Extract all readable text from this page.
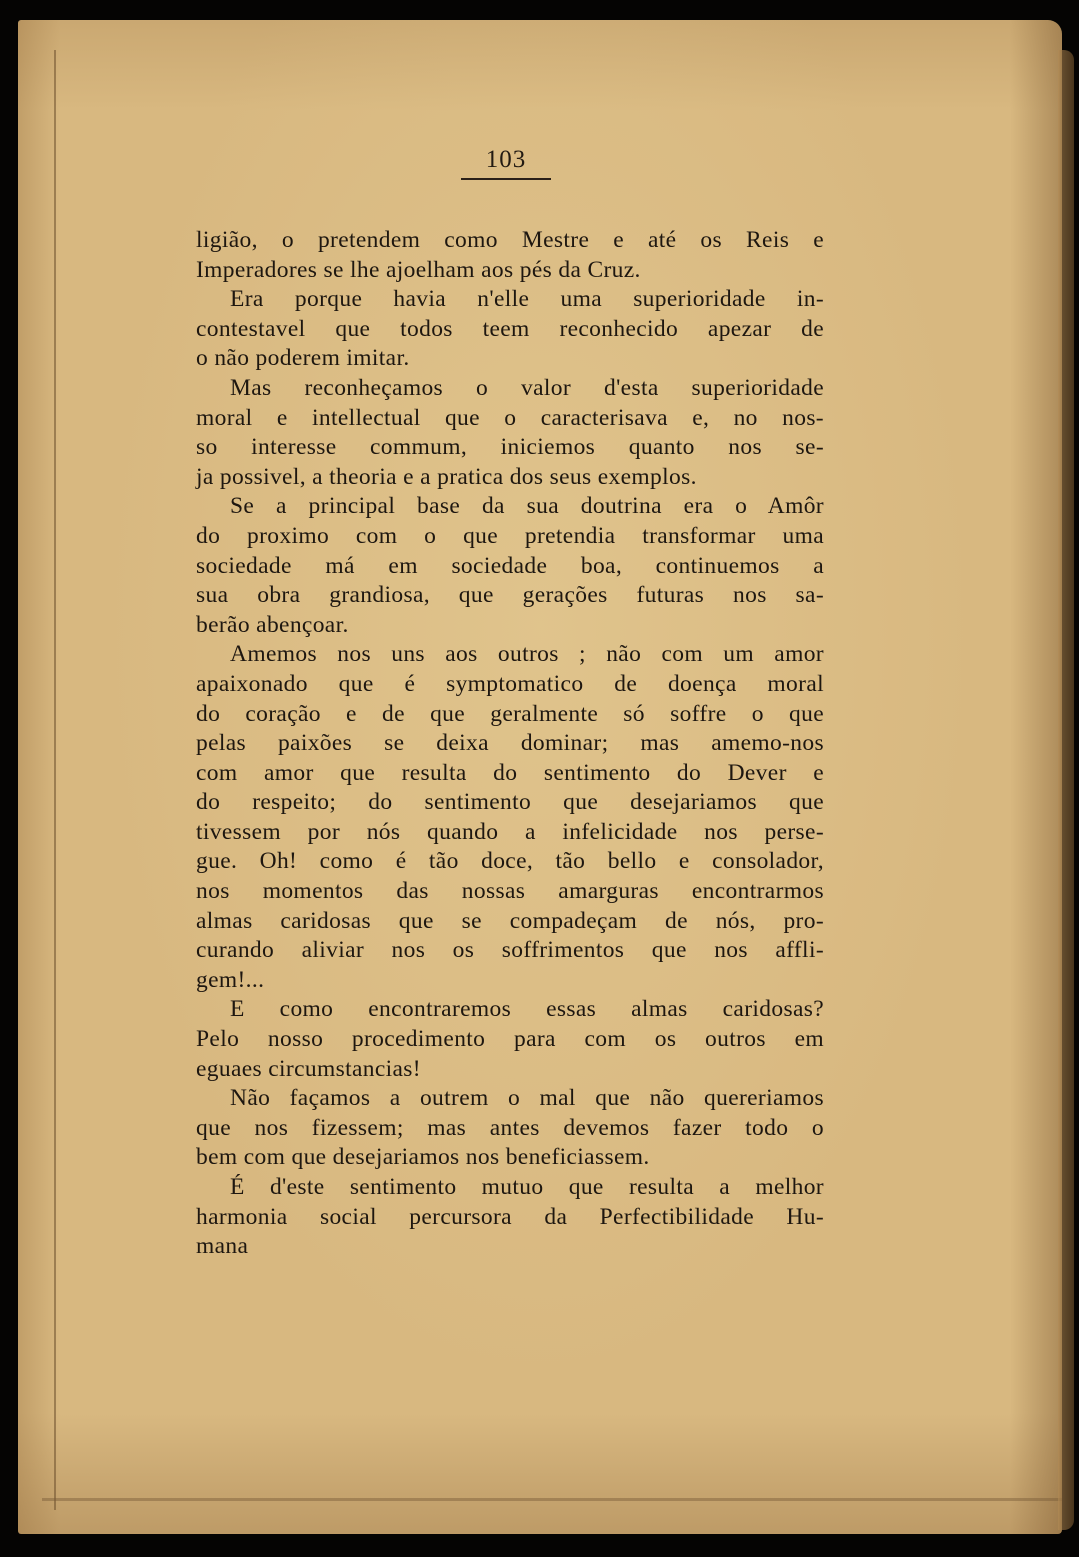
103
ligião, o pretendem como Mestre e até os Reis e
Imperadores se lhe ajoelham aos pés da Cruz.
Era porque havia n'elle uma superioridade in-
contestavel que todos teem reconhecido apezar de
o não poderem imitar.
Mas reconheçamos o valor d'esta superioridade
moral e intellectual que o caracterisava e, no nos-
so interesse commum, iniciemos quanto nos se-
ja possivel, a theoria e a pratica dos seus exemplos.
Se a principal base da sua doutrina era o Amôr
do proximo com o que pretendia transformar uma
sociedade má em sociedade boa, continuemos a
sua obra grandiosa, que gerações futuras nos sa-
berão abençoar.
Amemos nos uns aos outros ; não com um amor
apaixonado que é symptomatico de doença moral
do coração e de que geralmente só soffre o que
pelas paixões se deixa dominar; mas amemo-nos
com amor que resulta do sentimento do Dever e
do respeito; do sentimento que desejariamos que
tivessem por nós quando a infelicidade nos perse-
gue. Oh! como é tão doce, tão bello e consolador,
nos momentos das nossas amarguras encontrarmos
almas caridosas que se compadeçam de nós, pro-
curando aliviar nos os soffrimentos que nos affli-
gem!...
E como encontraremos essas almas caridosas?
Pelo nosso procedimento para com os outros em
eguaes circumstancias!
Não façamos a outrem o mal que não quereriamos
que nos fizessem; mas antes devemos fazer todo o
bem com que desejariamos nos beneficiassem.
É d'este sentimento mutuo que resulta a melhor
harmonia social percursora da Perfectibilidade Hu-
mana
